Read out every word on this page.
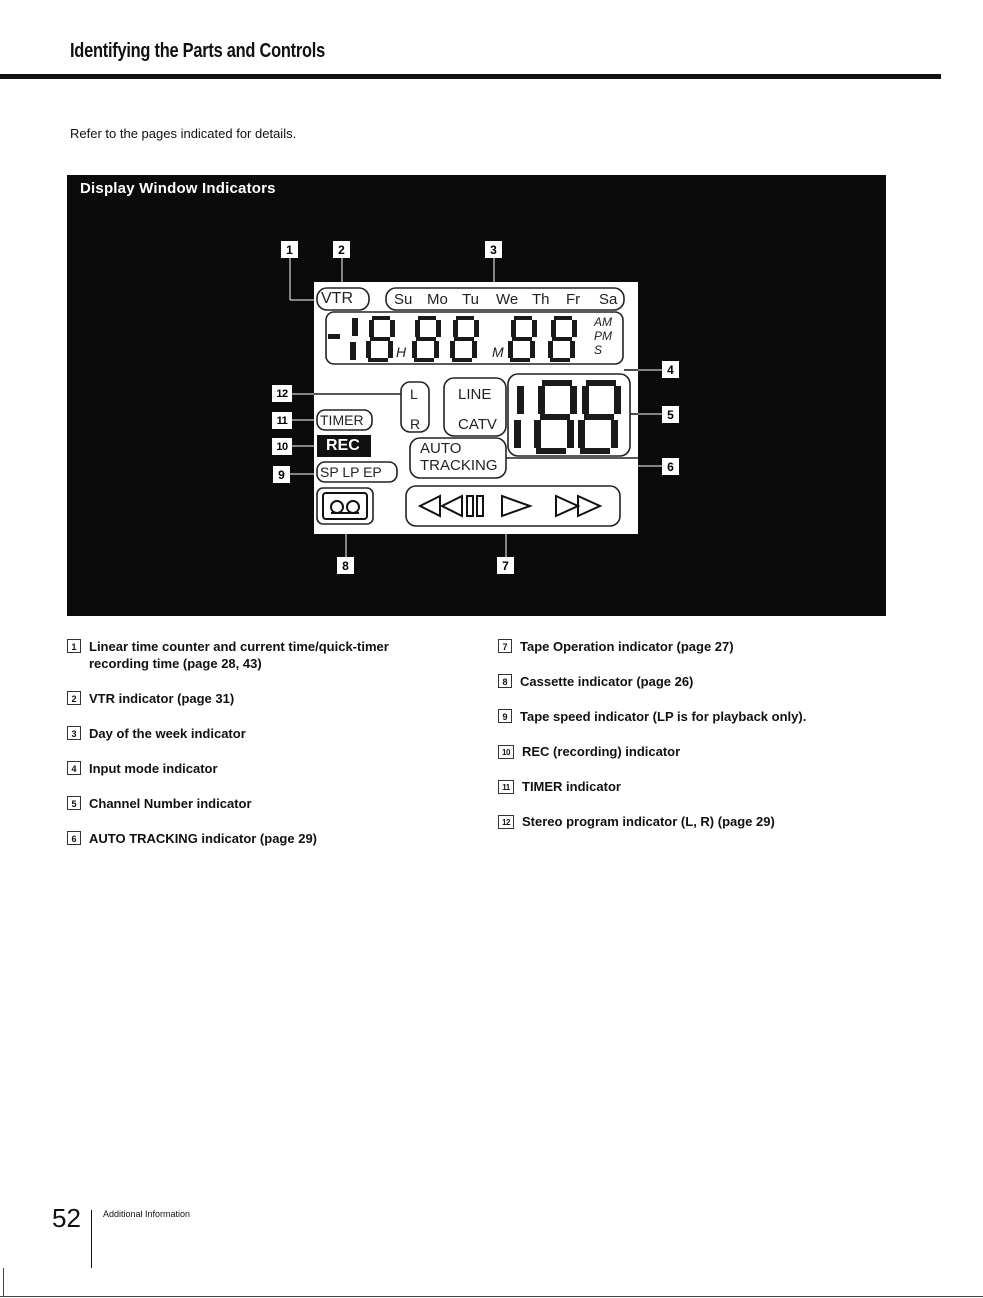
Identifying the Parts and Controls
Refer to the pages indicated for details.
Display Window Indicators
1	2	3
4
5
6
7
8
9
10
11
12
VTR	Su Mo Tu We Th Fr Sa
H	M
AM
PM
S
TIMER
REC
SP LP EP
L
R
LINE
CATV
AUTO
TRACKING
1 Linear time counter and current time/quick-timer
recording time (page 28, 43)
2 VTR indicator (page 31)
3 Day of the week indicator
4 Input mode indicator
5 Channel Number indicator
6 AUTO TRACKING indicator (page 29)
7 Tape Operation indicator (page 27)
8 Cassette indicator (page 26)
9 Tape speed indicator (LP is for playback only).
10 REC (recording) indicator
11 TIMER indicator
12 Stereo program indicator (L, R) (page 29)
52 Additional Information
